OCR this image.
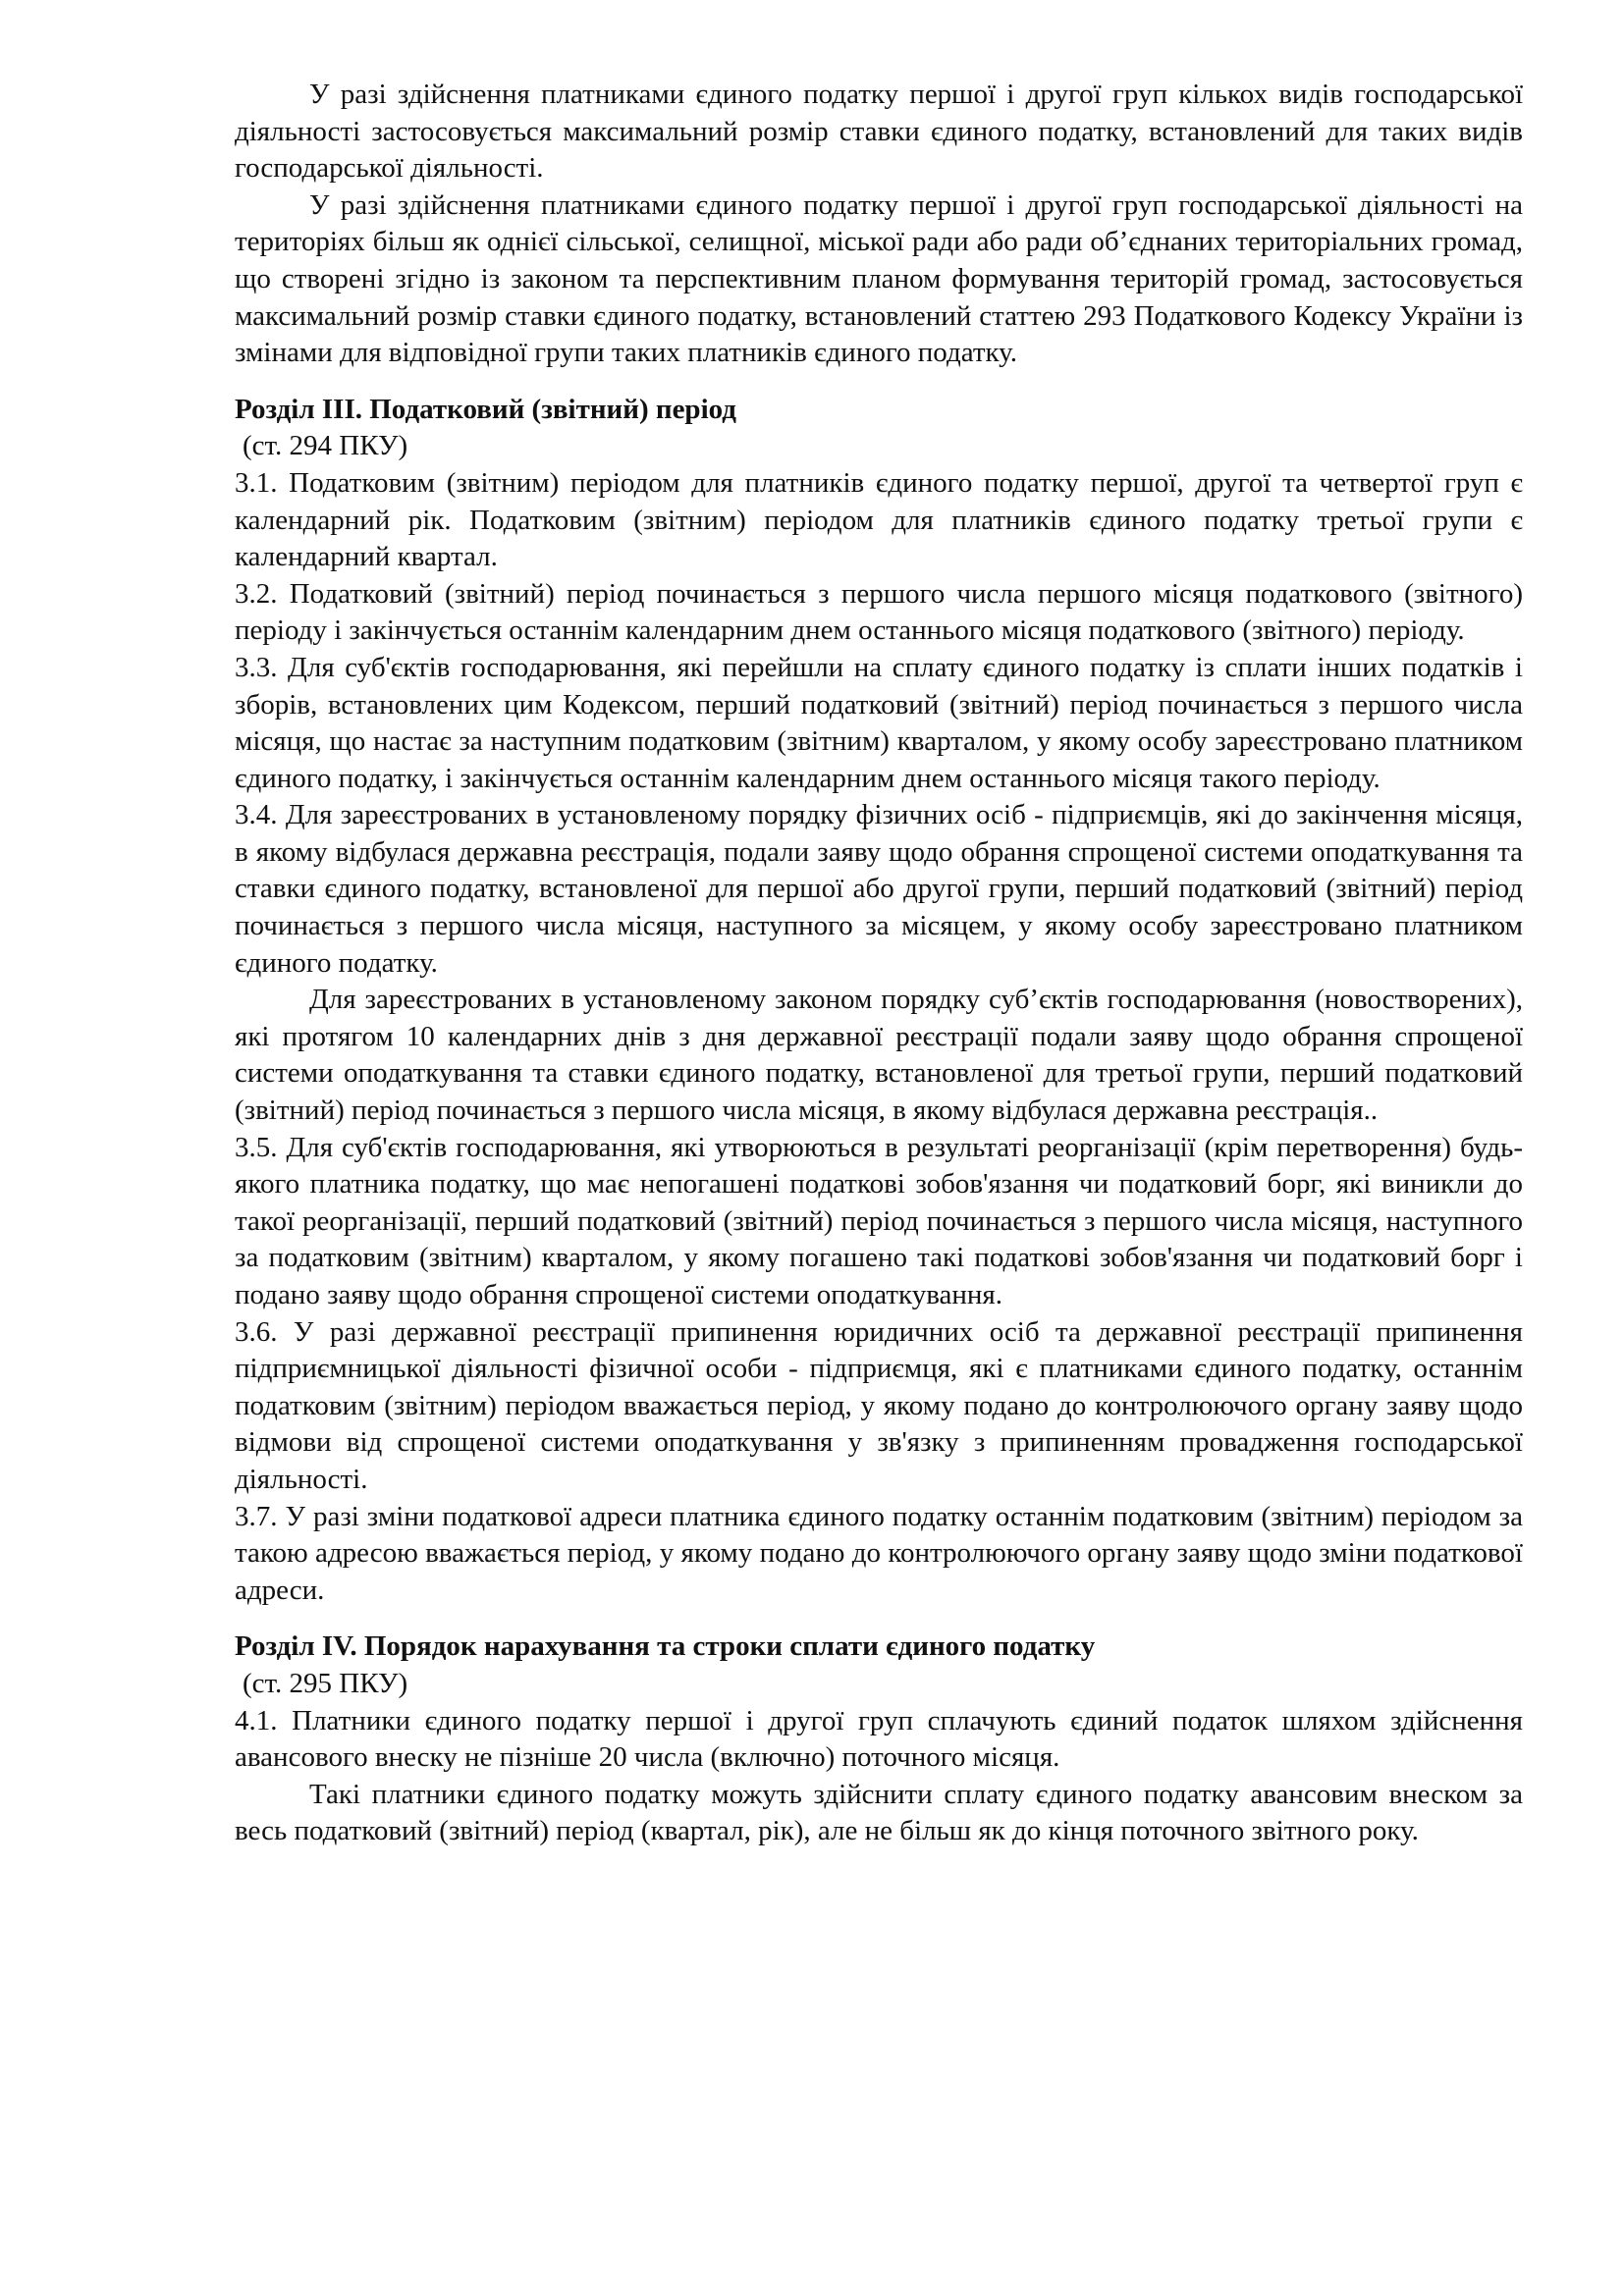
У разі здійснення платниками єдиного податку першої і другої груп кількох видів господарської діяльності застосовується максимальний розмір ставки єдиного податку, встановлений для таких видів господарської діяльності.

У разі здійснення платниками єдиного податку першої і другої груп господарської діяльності на територіях більш як однієї сільської, селищної, міської ради або ради об’єднаних територіальних громад, що створені згідно із законом та перспективним планом формування територій громад, застосовується максимальний розмір ставки єдиного податку, встановлений статтею 293 Податкового Кодексу України із змінами для відповідної групи таких платників єдиного податку.

Розділ ІІІ. Податковий (звітний) період

(ст. 294 ПКУ)

3.1. Податковим (звітним) періодом для платників єдиного податку першої, другої та четвертої груп є календарний рік. Податковим (звітним) періодом для платників єдиного податку третьої групи є календарний квартал.

3.2. Податковий (звітний) період починається з першого числа першого місяця податкового (звітного) періоду і закінчується останнім календарним днем останнього місяця податкового (звітного) періоду.

3.3. Для суб'єктів господарювання, які перейшли на сплату єдиного податку із сплати інших податків і зборів, встановлених цим Кодексом, перший податковий (звітний) період починається з першого числа місяця, що настає за наступним податковим (звітним) кварталом, у якому особу зареєстровано платником єдиного податку, і закінчується останнім календарним днем останнього місяця такого періоду.

3.4. Для зареєстрованих в установленому порядку фізичних осіб - підприємців, які до закінчення місяця, в якому відбулася державна реєстрація, подали заяву щодо обрання спрощеної системи оподаткування та ставки єдиного податку, встановленої для першої або другої групи, перший податковий (звітний) період починається з першого числа місяця, наступного за місяцем, у якому особу зареєстровано платником єдиного податку.

Для зареєстрованих в установленому законом порядку суб’єктів господарювання (новостворених), які протягом 10 календарних днів з дня державної реєстрації подали заяву щодо обрання спрощеної системи оподаткування та ставки єдиного податку, встановленої для третьої групи, перший податковий (звітний) період починається з першого числа місяця, в якому відбулася державна реєстрація..

3.5. Для суб'єктів господарювання, які утворюються в результаті реорганізації (крім перетворення) будь-якого платника податку, що має непогашені податкові зобов'язання чи податковий борг, які виникли до такої реорганізації, перший податковий (звітний) період починається з першого числа місяця, наступного за податковим (звітним) кварталом, у якому погашено такі податкові зобов'язання чи податковий борг і подано заяву щодо обрання спрощеної системи оподаткування.

3.6. У разі державної реєстрації припинення юридичних осіб та державної реєстрації припинення підприємницької діяльності фізичної особи - підприємця, які є платниками єдиного податку, останнім податковим (звітним) періодом вважається період, у якому подано до контролюючого органу заяву щодо відмови від спрощеної системи оподаткування у зв'язку з припиненням провадження господарської діяльності.

3.7. У разі зміни податкової адреси платника єдиного податку останнім податковим (звітним) періодом за такою адресою вважається період, у якому подано до контролюючого органу заяву щодо зміни податкової адреси.

Розділ ІV. Порядок нарахування та строки сплати єдиного податку

(ст. 295 ПКУ)

4.1. Платники єдиного податку першої і другої груп сплачують єдиний податок шляхом здійснення авансового внеску не пізніше 20 числа (включно) поточного місяця.

Такі платники єдиного податку можуть здійснити сплату єдиного податку авансовим внеском за весь податковий (звітний) період (квартал, рік), але не більш як до кінця поточного звітного року.
